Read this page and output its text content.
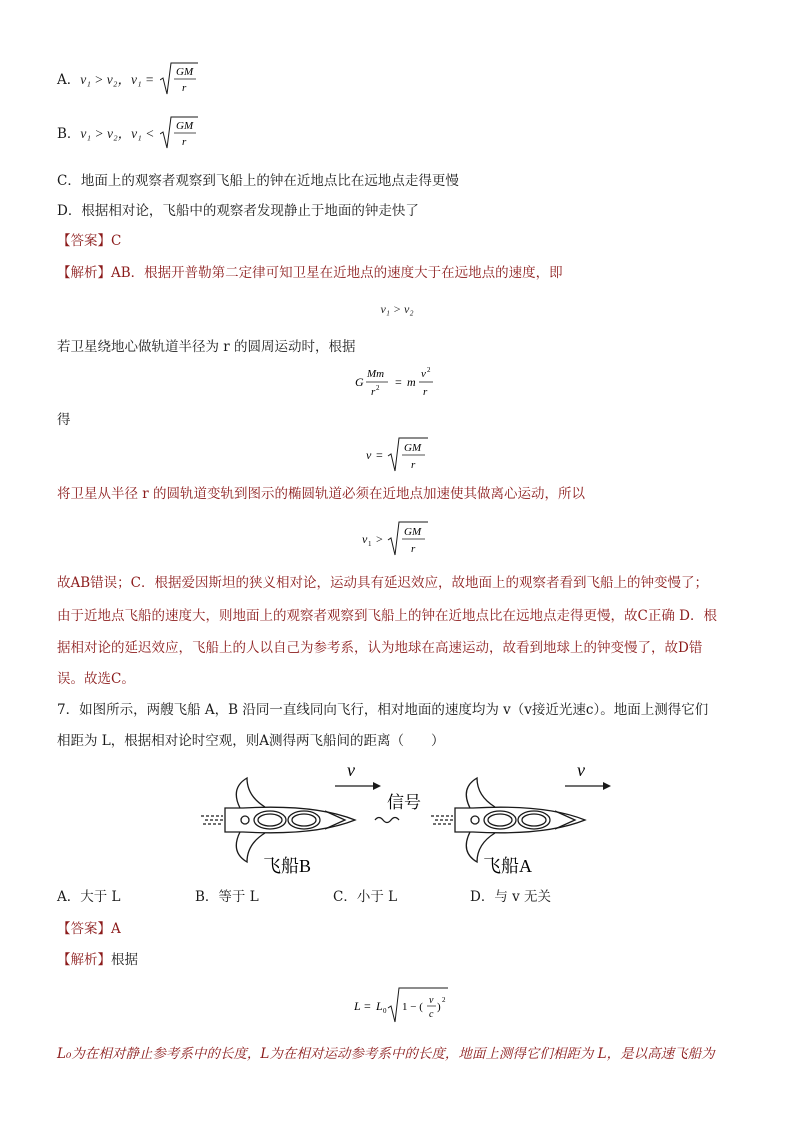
A．v₁ > v₂，v₁ = GM
r
B．v₁ > v₂，v₁ < GM
r
C．地面上的观察者观察到飞船上的钟在近地点比在远地点走得更慢
D．根据相对论，飞船中的观察者发现静止于地面的钟走快了
【答案】C
【解析】AB．根据开普勒第二定律可知卫星在近地点的速度大于在远地点的速度，即
v₁ > v₂
若卫星绕地心做轨道半径为 r 的圆周运动时，根据
G
Mm
r 2 = m
v 2
r
得
v = GM
r
将卫星从半径 r 的圆轨道变轨到图示的椭圆轨道必须在近地点加速使其做离心运动，所以
v 1 > GM
r
故AB错误；C．根据爱因斯坦的狭义相对论，运动具有延迟效应，故地面上的观察者看到飞船上的钟变慢了；
由于近地点飞船的速度大，则地面上的观察者观察到飞船上的钟在近地点比在远地点走得更慢，故C正确 D．根
据相对论的延迟效应，飞船上的人以自己为参考系，认为地球在高速运动，故看到地球上的钟变慢了，故D错
误。故选C。
7．如图所示，两艘飞船 A，B 沿同一直线同向飞行，相对地面的速度均为 v（v接近光速c）。地面上测得它们
相距为 L，根据相对论时空观，则A测得两飞船间的距离（　　）
v	v
信号
飞船B	飞船A
A．大于 L	B．等于 L	C．小于 L	D．与 v 无关
【答案】A
【解析】根据
L = L 0 1 − (
v
c
)
2
L₀为在相对静止参考系中的长度，L为在相对运动参考系中的长度，地面上测得它们相距为 L，是以高速飞船为
